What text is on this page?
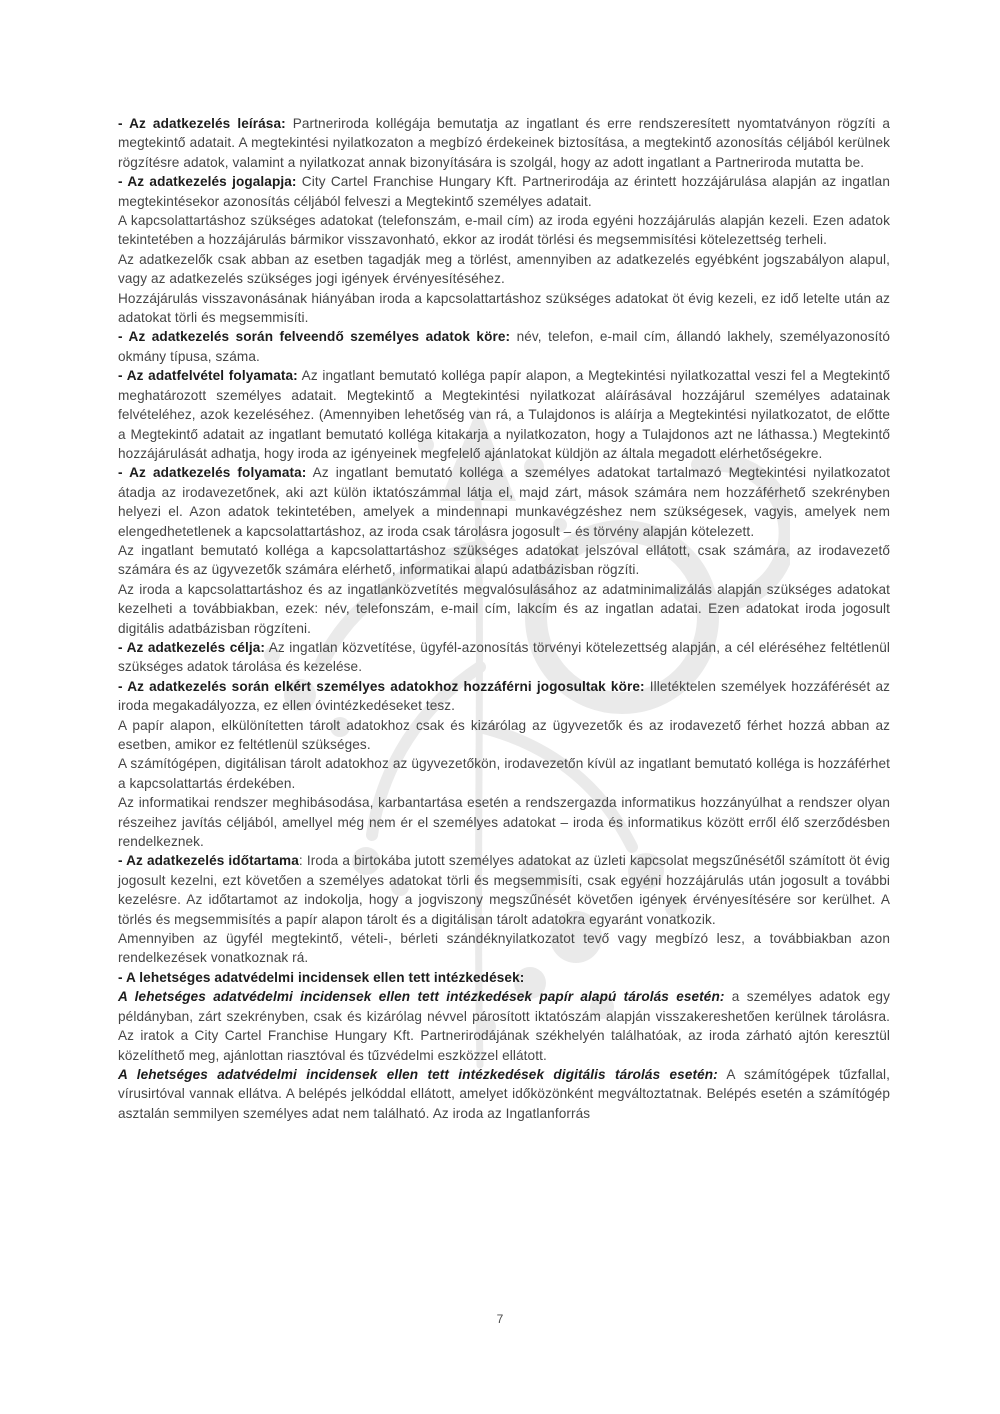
- Az adatkezelés leírása: Partneriroda kollégája bemutatja az ingatlant és erre rendszeresített nyomtatványon rögzíti a megtekintő adatait. A megtekintési nyilatkozaton a megbízó érdekeinek biztosítása, a megtekintő azonosítás céljából kerülnek rögzítésre adatok, valamint a nyilatkozat annak bizonyítására is szolgál, hogy az adott ingatlant a Partneriroda mutatta be.

- Az adatkezelés jogalapja: City Cartel Franchise Hungary Kft. Partnerirodája az érintett hozzájárulása alapján az ingatlan megtekintésekor azonosítás céljából felveszi a Megtekintő személyes adatait.

A kapcsolattartáshoz szükséges adatokat (telefonszám, e-mail cím) az iroda egyéni hozzájárulás alapján kezeli. Ezen adatok tekintetében a hozzájárulás bármikor visszavonható, ekkor az irodát törlési és megsemmisítési kötelezettség terheli.

Az adatkezelők csak abban az esetben tagadják meg a törlést, amennyiben az adatkezelés egyébként jogszabályon alapul, vagy az adatkezelés szükséges jogi igények érvényesítéséhez.

Hozzájárulás visszavonásának hiányában iroda a kapcsolattartáshoz szükséges adatokat öt évig kezeli, ez idő letelte után az adatokat törli és megsemmisíti.

- Az adatkezelés során felveendő személyes adatok köre: név, telefon, e-mail cím, állandó lakhely, személyazonosító okmány típusa, száma.

- Az adatfelvétel folyamata: Az ingatlant bemutató kolléga papír alapon, a Megtekintési nyilatkozattal veszi fel a Megtekintő meghatározott személyes adatait. Megtekintő a Megtekintési nyilatkozat aláírásával hozzájárul személyes adatainak felvételéhez, azok kezeléséhez. (Amennyiben lehetőség van rá, a Tulajdonos is aláírja a Megtekintési nyilatkozatot, de előtte a Megtekintő adatait az ingatlant bemutató kolléga kitakarja a nyilatkozaton, hogy a Tulajdonos azt ne láthassa.) Megtekintő hozzájárulását adhatja, hogy iroda az igényeinek megfelelő ajánlatokat küldjön az általa megadott elérhetőségekre.

- Az adatkezelés folyamata: Az ingatlant bemutató kolléga a személyes adatokat tartalmazó Megtekintési nyilatkozatot átadja az irodavezetőnek, aki azt külön iktatószámmal látja el, majd zárt, mások számára nem hozzáférhető szekrényben helyezi el. Azon adatok tekintetében, amelyek a mindennapi munkavégzéshez nem szükségesek, vagyis, amelyek nem elengedhetetlenek a kapcsolattartáshoz, az iroda csak tárolásra jogosult – és törvény alapján kötelezett.

Az ingatlant bemutató kolléga a kapcsolattartáshoz szükséges adatokat jelszóval ellátott, csak számára, az irodavezető számára és az ügyvezetők számára elérhető, informatikai alapú adatbázisban rögzíti.

Az iroda a kapcsolattartáshoz és az ingatlanközvetítés megvalósulásához az adatminimalizálás alapján szükséges adatokat kezelheti a továbbiakban, ezek: név, telefonszám, e-mail cím, lakcím és az ingatlan adatai. Ezen adatokat iroda jogosult digitális adatbázisban rögzíteni.

- Az adatkezelés célja: Az ingatlan közvetítése, ügyfél-azonosítás törvényi kötelezettség alapján, a cél eléréséhez feltétlenül szükséges adatok tárolása és kezelése.

- Az adatkezelés során elkért személyes adatokhoz hozzáférni jogosultak köre: Illetéktelen személyek hozzáférését az iroda megakadályozza, ez ellen óvintézkedéseket tesz.

A papír alapon, elkülönítetten tárolt adatokhoz csak és kizárólag az ügyvezetők és az irodavezető férhet hozzá abban az esetben, amikor ez feltétlenül szükséges.

A számítógépen, digitálisan tárolt adatokhoz az ügyvezetőkön, irodavezetőn kívül az ingatlant bemutató kolléga is hozzáférhet a kapcsolattartás érdekében.

Az informatikai rendszer meghibásodása, karbantartása esetén a rendszergazda informatikus hozzányúlhat a rendszer olyan részeihez javítás céljából, amellyel még nem ér el személyes adatokat – iroda és informatikus között erről élő szerződésben rendelkeznek.

- Az adatkezelés időtartama: Iroda a birtokába jutott személyes adatokat az üzleti kapcsolat megszűnésétől számított öt évig jogosult kezelni, ezt követően a személyes adatokat törli és megsemmisíti, csak egyéni hozzájárulás után jogosult a további kezelésre. Az időtartamot az indokolja, hogy a jogviszony megszűnését követően igények érvényesítésére sor kerülhet. A törlés és megsemmisítés a papír alapon tárolt és a digitálisan tárolt adatokra egyaránt vonatkozik.

Amennyiben az ügyfél megtekintő, vételi-, bérleti szándéknyilatkozatot tevő vagy megbízó lesz, a továbbiakban azon rendelkezések vonatkoznak rá.

- A lehetséges adatvédelmi incidensek ellen tett intézkedések:

A lehetséges adatvédelmi incidensek ellen tett intézkedések papír alapú tárolás esetén: a személyes adatok egy példányban, zárt szekrényben, csak és kizárólag névvel párosított iktatószám alapján visszakereshetően kerülnek tárolásra. Az iratok a City Cartel Franchise Hungary Kft. Partnerirodájának székhelyén találhatóak, az iroda zárható ajtón keresztül közelíthető meg, ajánlottan riasztóval és tűzvédelmi eszközzel ellátott.

A lehetséges adatvédelmi incidensek ellen tett intézkedések digitális tárolás esetén: A számítógépek tűzfallal, vírusirtóval vannak ellátva. A belépés jelkóddal ellátott, amelyet időközönként megváltoztatnak. Belépés esetén a számítógép asztalán semmilyen személyes adat nem található. Az iroda az Ingatlanforrás

7
